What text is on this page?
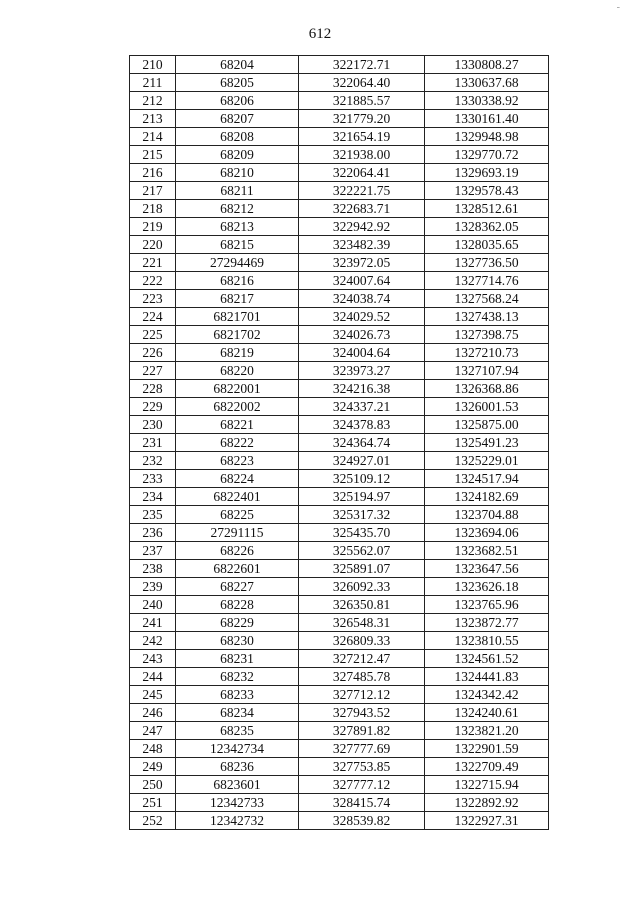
-
612
210	68204	322172.71	1330808.27
211	68205	322064.40	1330637.68
212	68206	321885.57	1330338.92
213	68207	321779.20	1330161.40
214	68208	321654.19	1329948.98
215	68209	321938.00	1329770.72
216	68210	322064.41	1329693.19
217	68211	322221.75	1329578.43
218	68212	322683.71	1328512.61
219	68213	322942.92	1328362.05
220	68215	323482.39	1328035.65
221	27294469	323972.05	1327736.50
222	68216	324007.64	1327714.76
223	68217	324038.74	1327568.24
224	6821701	324029.52	1327438.13
225	6821702	324026.73	1327398.75
226	68219	324004.64	1327210.73
227	68220	323973.27	1327107.94
228	6822001	324216.38	1326368.86
229	6822002	324337.21	1326001.53
230	68221	324378.83	1325875.00
231	68222	324364.74	1325491.23
232	68223	324927.01	1325229.01
233	68224	325109.12	1324517.94
234	6822401	325194.97	1324182.69
235	68225	325317.32	1323704.88
236	27291115	325435.70	1323694.06
237	68226	325562.07	1323682.51
238	6822601	325891.07	1323647.56
239	68227	326092.33	1323626.18
240	68228	326350.81	1323765.96
241	68229	326548.31	1323872.77
242	68230	326809.33	1323810.55
243	68231	327212.47	1324561.52
244	68232	327485.78	1324441.83
245	68233	327712.12	1324342.42
246	68234	327943.52	1324240.61
247	68235	327891.82	1323821.20
248	12342734	327777.69	1322901.59
249	68236	327753.85	1322709.49
250	6823601	327777.12	1322715.94
251	12342733	328415.74	1322892.92
252	12342732	328539.82	1322927.31
